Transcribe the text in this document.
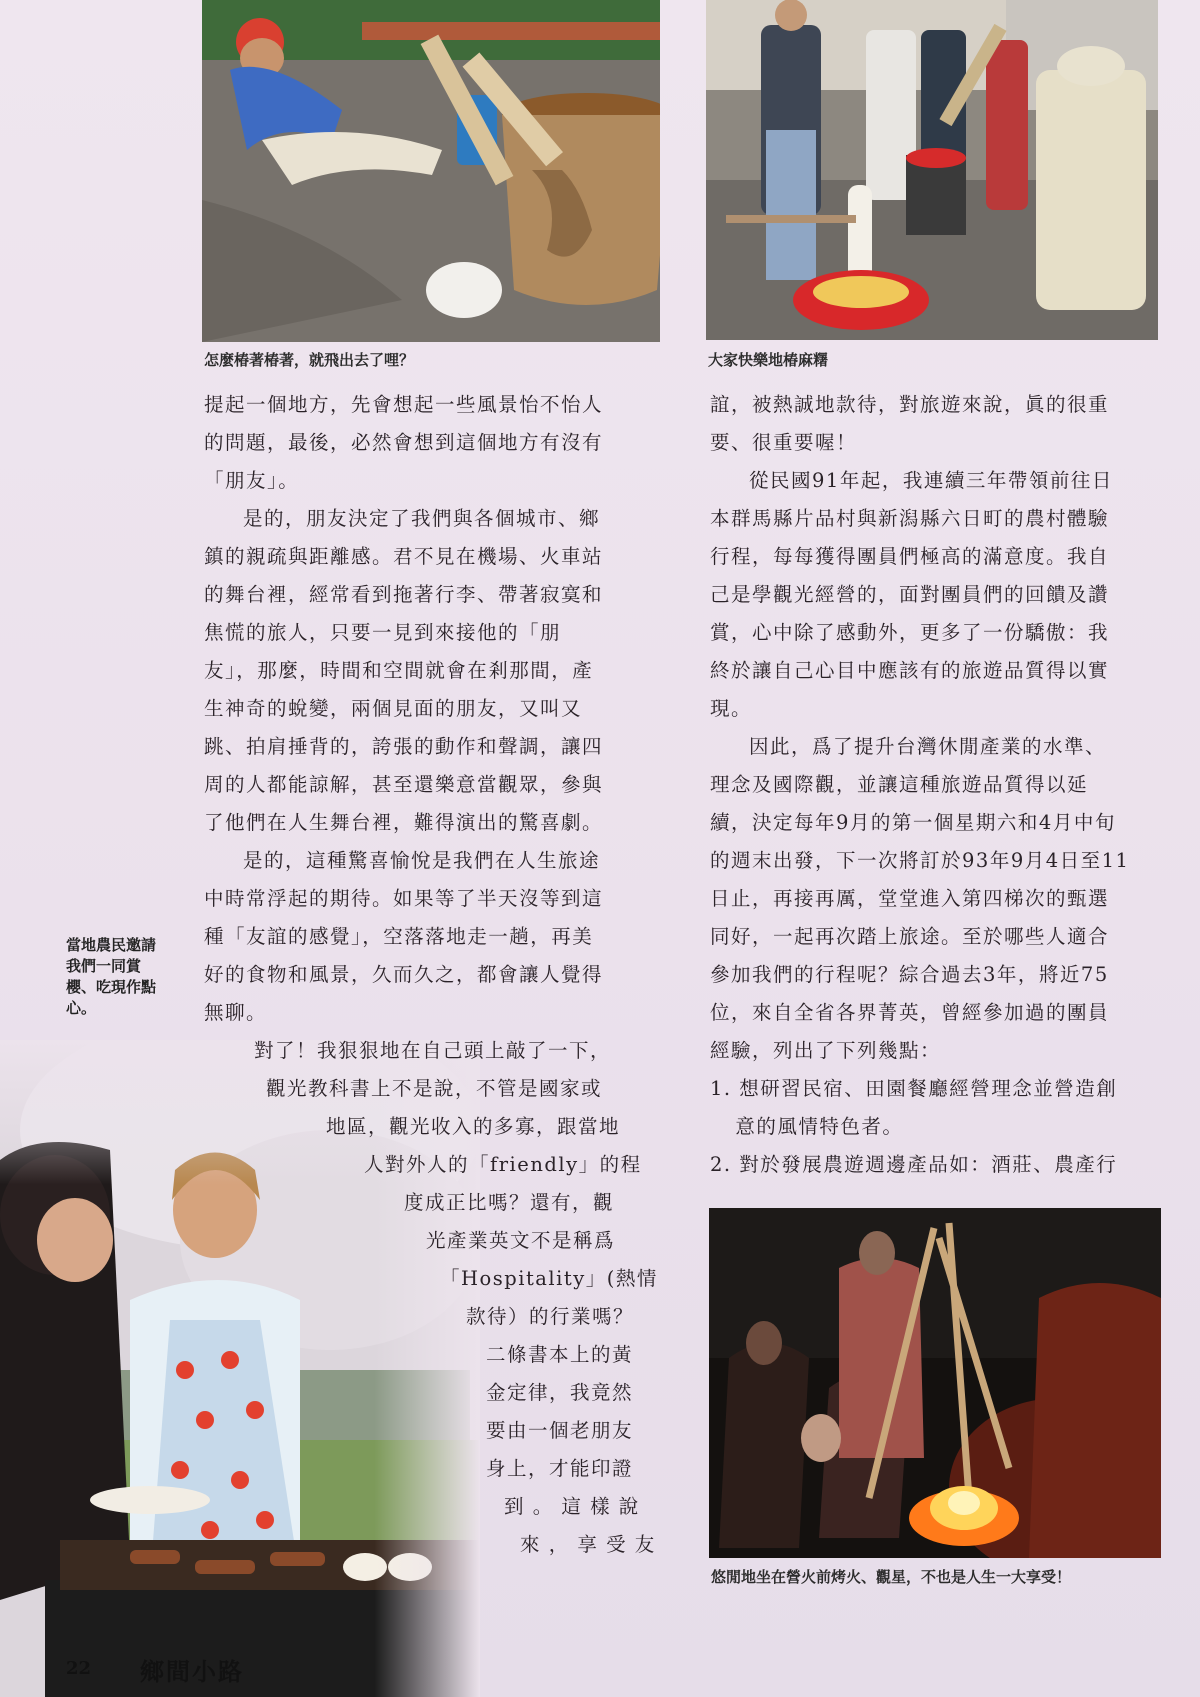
怎麼椿著椿著，就飛出去了哩？	大家快樂地椿麻糬
悠閒地坐在營火前烤火、觀星，不也是人生一大享受！

提起一個地方，先會想起一些風景怡不怡人
的問題，最後，必然會想到這個地方有沒有
「朋友」。

是的，朋友決定了我們與各個城市、鄉
鎮的親疏與距離感。君不見在機場、火車站
的舞台裡，經常看到拖著行李、帶著寂寞和
焦慌的旅人，只要一見到來接他的「朋
友」，那麼，時間和空間就會在剎那間，產
生神奇的蛻變，兩個見面的朋友，又叫又
跳、拍肩捶背的，誇張的動作和聲調，讓四
周的人都能諒解，甚至還樂意當觀眾，參與
了他們在人生舞台裡，難得演出的驚喜劇。

是的，這種驚喜愉悅是我們在人生旅途
中時常浮起的期待。如果等了半天沒等到這
種「友誼的感覺」，空落落地走一趟，再美
好的食物和風景，久而久之，都會讓人覺得
無聊。

對了！我狠狠地在自己頭上敲了一下，
觀光教科書上不是說，不管是國家或
地區，觀光收入的多寡，跟當地
人對外人的「friendly」的程
度成正比嗎？還有，觀
光產業英文不是稱爲
「Hospitality」(熱情
款待）的行業嗎？
二條書本上的黃
金定律，我竟然
要由一個老朋友
身上，才能印證
到 。 這 樣 說
來 ， 享 受 友

誼，被熱誠地款待，對旅遊來說，眞的很重
要、很重要喔！

從民國91年起，我連續三年帶領前往日
本群馬縣片品村與新潟縣六日町的農村體驗
行程，每每獲得團員們極高的滿意度。我自
己是學觀光經營的，面對團員們的回饋及讚
賞，心中除了感動外，更多了一份驕傲：我
終於讓自己心目中應該有的旅遊品質得以實
現。

因此，爲了提升台灣休閒產業的水準、
理念及國際觀，並讓這種旅遊品質得以延
續，決定每年9月的第一個星期六和4月中旬
的週末出發，下一次將訂於93年9月4日至11
日止，再接再厲，堂堂進入第四梯次的甄選
同好，一起再次踏上旅途。至於哪些人適合
參加我們的行程呢？綜合過去3年，將近75
位，來自全省各界菁英，曾經參加過的團員
經驗，列出了下列幾點：

1. 想研習民宿、田園餐廳經營理念並營造創
意的風情特色者。
2. 對於發展農遊週邊產品如：酒莊、農產行

當地農民邀請我們一同賞櫻、吃現作點心。
22 鄉間小路
